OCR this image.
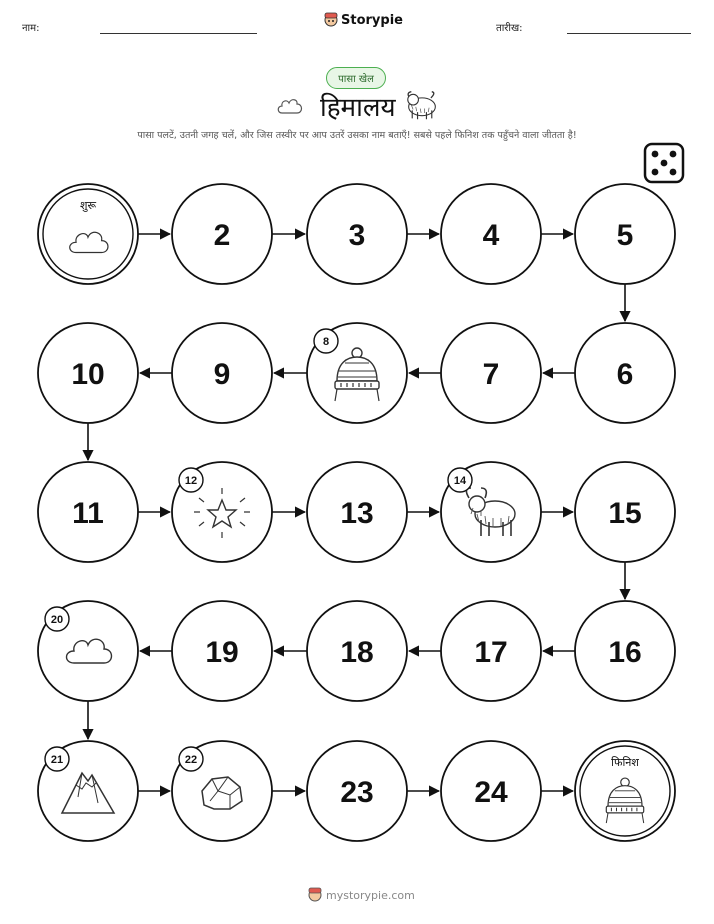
नाम:
Storypie
तारीख:
पासा खेल
हिमालय
पासा पलटें, उतनी जगह चलें, और जिस तस्वीर पर आप उतरें उसका नाम बताएँ! सबसे पहले फिनिश तक पहुँचने वाला जीतता है!
शुरू
2	3	4	5
6
7
8
9
10
11
12
13
14
15
16
17
18
19
20
21	22
23	24
फिनिश
mystorypie.com
